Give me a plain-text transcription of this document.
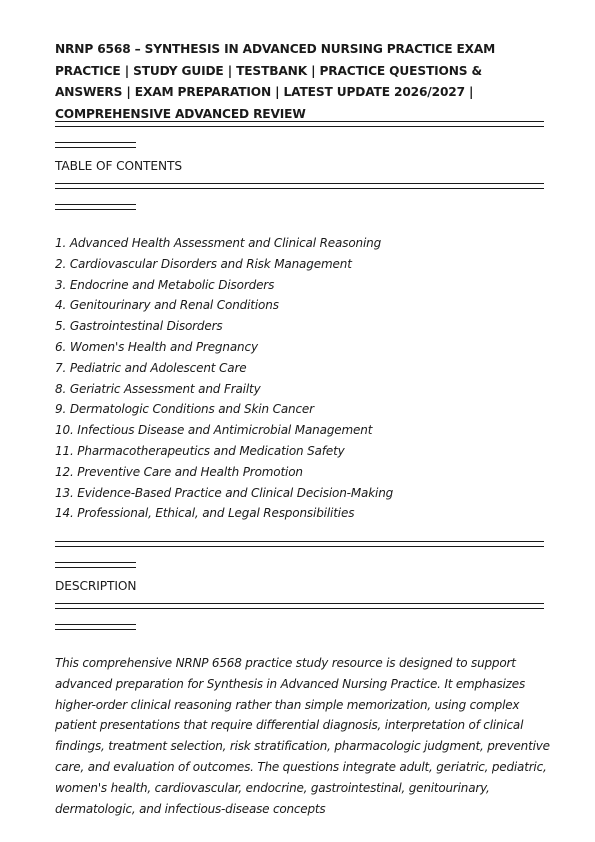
NRNP 6568 – SYNTHESIS IN ADVANCED NURSING PRACTICE EXAM PRACTICE | STUDY GUIDE | TESTBANK | PRACTICE QUESTIONS & ANSWERS | EXAM PREPARATION | LATEST UPDATE 2026/2027 | COMPREHENSIVE ADVANCED REVIEW
TABLE OF CONTENTS
1. Advanced Health Assessment and Clinical Reasoning
2. Cardiovascular Disorders and Risk Management
3. Endocrine and Metabolic Disorders
4. Genitourinary and Renal Conditions
5. Gastrointestinal Disorders
6. Women's Health and Pregnancy
7. Pediatric and Adolescent Care
8. Geriatric Assessment and Frailty
9. Dermatologic Conditions and Skin Cancer
10. Infectious Disease and Antimicrobial Management
11. Pharmacotherapeutics and Medication Safety
12. Preventive Care and Health Promotion
13. Evidence-Based Practice and Clinical Decision-Making
14. Professional, Ethical, and Legal Responsibilities
DESCRIPTION

This comprehensive NRNP 6568 practice study resource is designed to support advanced preparation for Synthesis in Advanced Nursing Practice. It emphasizes higher-order clinical reasoning rather than simple memorization, using complex patient presentations that require differential diagnosis, interpretation of clinical findings, treatment selection, risk stratification, pharmacologic judgment, preventive care, and evaluation of outcomes. The questions integrate adult, geriatric, pediatric, women's health, cardiovascular, endocrine, gastrointestinal, genitourinary, dermatologic, and infectious-disease concepts
